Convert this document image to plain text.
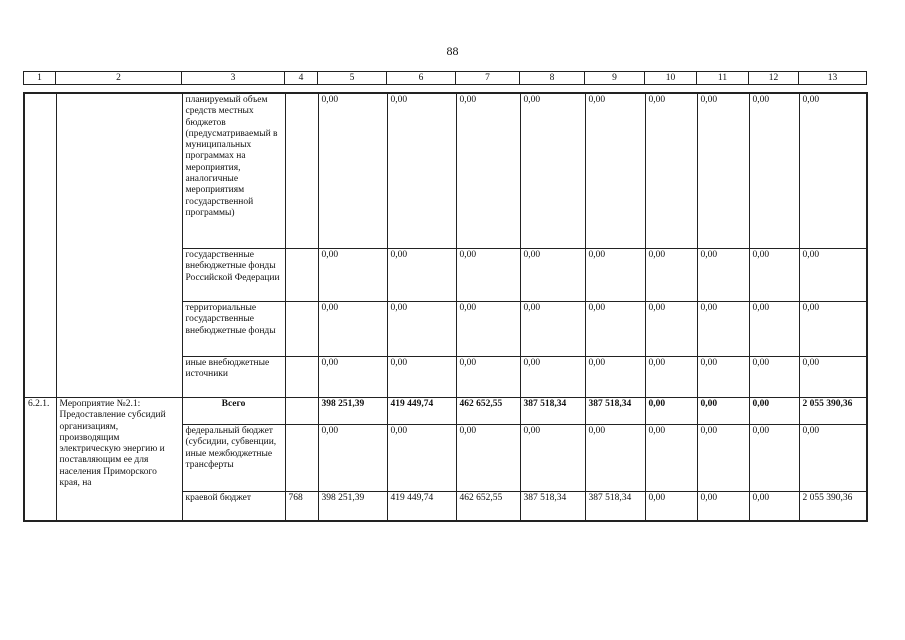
88
1	2	3	4	5	6	7	8	9	10	11	12	13
		планируемый объем средств местных бюджетов (предусматриваемый в муниципальных программах на мероприятия, аналогичные мероприятиям государственной программы)		0,00	0,00	0,00	0,00	0,00	0,00	0,00	0,00	0,00
		государственные внебюджетные фонды Российской Федерации		0,00	0,00	0,00	0,00	0,00	0,00	0,00	0,00	0,00
		территориальные государственные внебюджетные фонды		0,00	0,00	0,00	0,00	0,00	0,00	0,00	0,00	0,00
		иные внебюджетные источники		0,00	0,00	0,00	0,00	0,00	0,00	0,00	0,00	0,00
6.2.1.	Мероприятие №2.1: Предоставление субсидий организациям, производящим электрическую энергию и поставляющим ее для населения Приморского края, на	Всего		398 251,39	419 449,74	462 652,55	387 518,34	387 518,34	0,00	0,00	0,00	2 055 390,36
		федеральный бюджет (субсидии, субвенции, иные межбюджетные трансферты		0,00	0,00	0,00	0,00	0,00	0,00	0,00	0,00	0,00
		краевой бюджет	768	398 251,39	419 449,74	462 652,55	387 518,34	387 518,34	0,00	0,00	0,00	2 055 390,36
